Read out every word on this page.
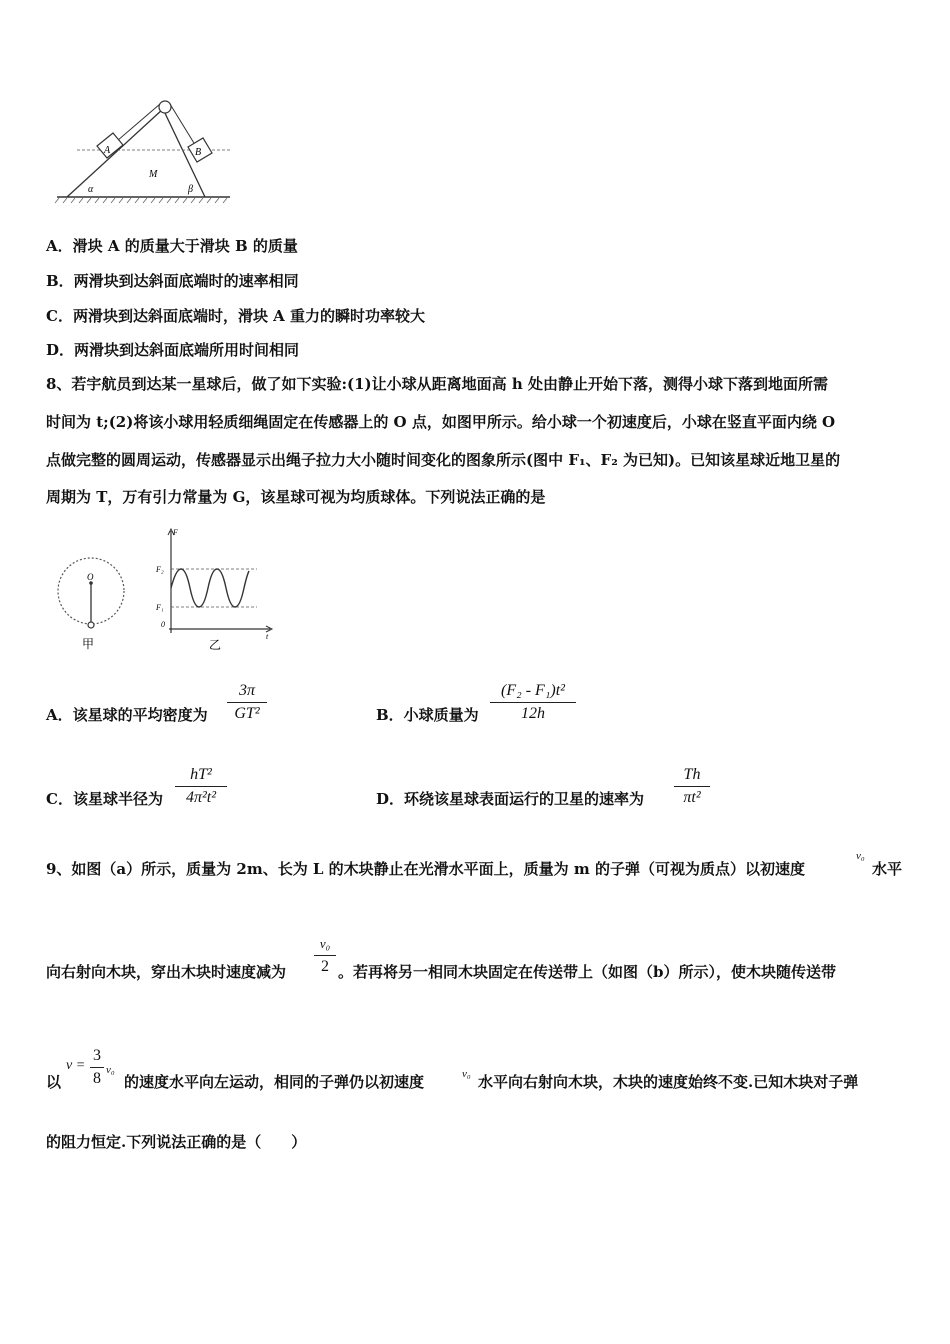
A	B
M
α	β
A．滑块 A 的质量大于滑块 B 的质量
B．两滑块到达斜面底端时的速率相同
C．两滑块到达斜面底端时，滑块 A 重力的瞬时功率较大
D．两滑块到达斜面底端所用时间相同
8、若宇航员到达某一星球后，做了如下实验:(1)让小球从距离地面高 h 处由静止开始下落，测得小球下落到地面所需
时间为 t;(2)将该小球用轻质细绳固定在传感器上的 O 点，如图甲所示。给小球一个初速度后，小球在竖直平面内绕 O
点做完整的圆周运动，传感器显示出绳子拉力大小随时间变化的图象所示(图中 F₁、F₂ 为已知)。已知该星球近地卫星的
周期为 T，万有引力常量为 G，该星球可视为均质球体。下列说法正确的是
O
甲
F
F₂
F₁
0
t
乙
A．该星球的平均密度为
3π
GT²	B．小球质量为
(F₂ - F₁)t²
12h
C．该星球半径为
hT²
4π²t²	D．环绕该星球表面运行的卫星的速率为
Th
πt²
9、如图（a）所示，质量为 2m、长为 L 的木块静止在光滑水平面上，质量为 m 的子弹（可视为质点）以初速度
v₀
水平
向右射向木块，穿出木块时速度减为
v₀
2 。若再将另一相同木块固定在传送带上（如图（b）所示），使木块随传送带
以
v =
3
8 v₀
的速度水平向左运动，相同的子弹仍以初速度	v₀ 水平向右射向木块，木块的速度始终不变.已知木块对子弹
的阻力恒定.下列说法正确的是（　　）
